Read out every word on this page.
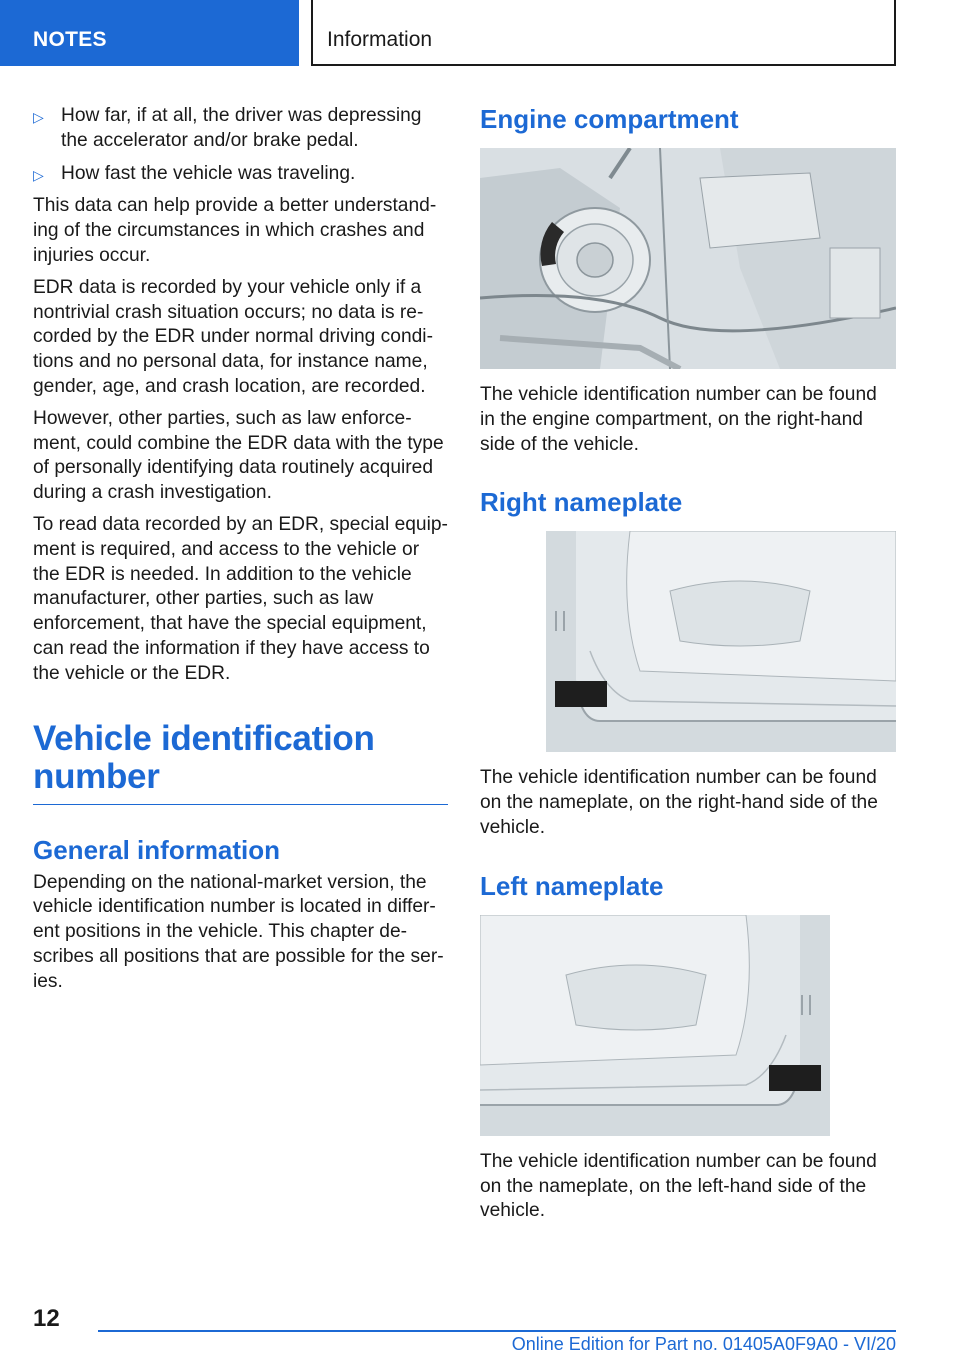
NOTES	Information
▷ How far, if at all, the driver was depressing the accelerator and/or brake pedal.
▷ How fast the vehicle was traveling.

This data can help provide a better understanding of the circumstances in which crashes and injuries occur.

EDR data is recorded by your vehicle only if a nontrivial crash situation occurs; no data is recorded by the EDR under normal driving conditions and no personal data, for instance name, gender, age, and crash location, are recorded.

However, other parties, such as law enforcement, could combine the EDR data with the type of personally identifying data routinely acquired during a crash investigation.

To read data recorded by an EDR, special equipment is required, and access to the vehicle or the EDR is needed. In addition to the vehicle manufacturer, other parties, such as law enforcement, that have the special equipment, can read the information if they have access to the vehicle or the EDR.

Vehicle identification number
General information

Depending on the national-market version, the vehicle identification number is located in different positions in the vehicle. This chapter describes all positions that are possible for the series.

Engine compartment

The vehicle identification number can be found in the engine compartment, on the right-hand side of the vehicle.

Right nameplate

The vehicle identification number can be found on the nameplate, on the right-hand side of the vehicle.

Left nameplate

The vehicle identification number can be found on the nameplate, on the left-hand side of the vehicle.

12
Online Edition for Part no. 01405A0F9A0 - VI/20
